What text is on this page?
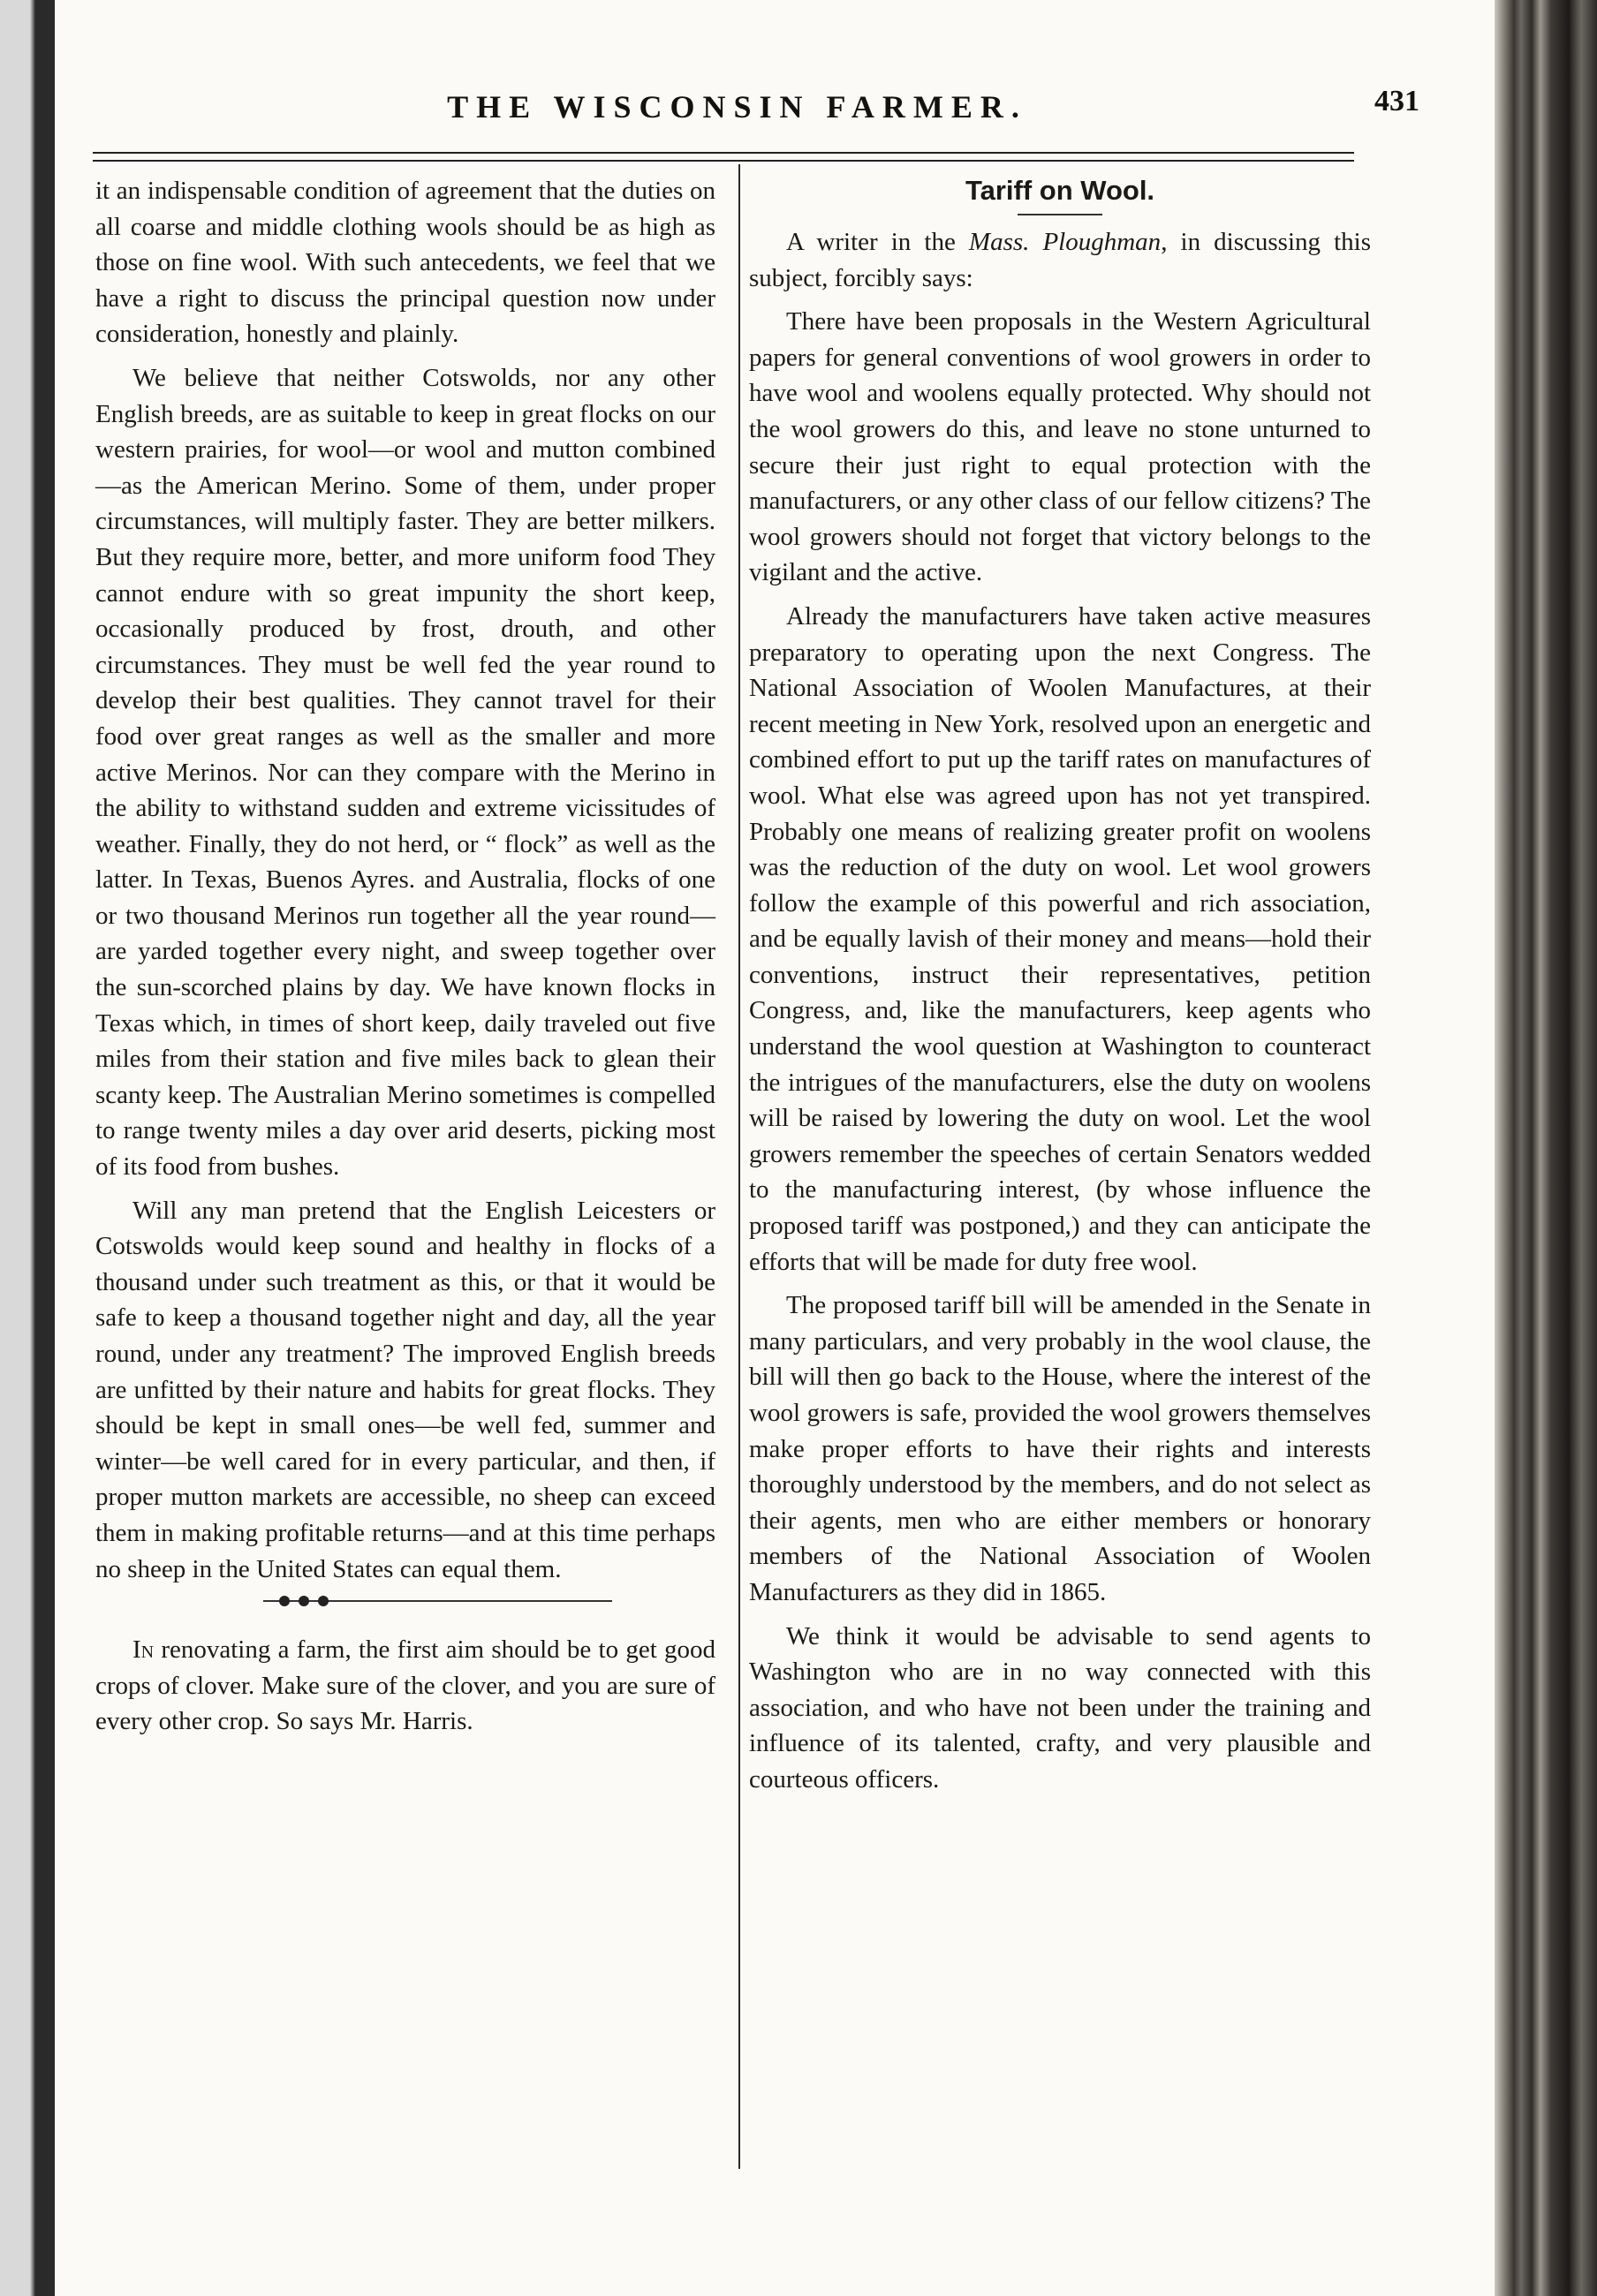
THE WISCONSIN FARMER.	431

it an indispensable condition of agreement that the duties on all coarse and middle clothing wools should be as high as those on fine wool. With such antecedents, we feel that we have a right to discuss the principal question now under consideration, honestly and plainly.

We believe that neither Cotswolds, nor any other English breeds, are as suitable to keep in great flocks on our western prairies, for wool—or wool and mutton combined—as the American Merino. Some of them, under proper circumstances, will multiply faster. They are better milkers. But they require more, better, and more uniform food They cannot endure with so great impunity the short keep, occasionally produced by frost, drouth, and other circumstances. They must be well fed the year round to develop their best qualities. They cannot travel for their food over great ranges as well as the smaller and more active Merinos. Nor can they compare with the Merino in the ability to withstand sudden and extreme vicissitudes of weather. Finally, they do not herd, or “ flock” as well as the latter. In Texas, Buenos Ayres. and Australia, flocks of one or two thousand Merinos run together all the year round—are yarded together every night, and sweep together over the sun-scorched plains by day. We have known flocks in Texas which, in times of short keep, daily traveled out five miles from their station and five miles back to glean their scanty keep. The Australian Merino sometimes is compelled to range twenty miles a day over arid deserts, picking most of its food from bushes.

Will any man pretend that the English Leicesters or Cotswolds would keep sound and healthy in flocks of a thousand under such treatment as this, or that it would be safe to keep a thousand together night and day, all the year round, under any treatment? The improved English breeds are unfitted by their nature and habits for great flocks. They should be kept in small ones—be well fed, summer and winter—be well cared for in every particular, and then, if proper mutton markets are accessible, no sheep can exceed them in making profitable returns—and at this time perhaps no sheep in the United States can equal them.

In renovating a farm, the first aim should be to get good crops of clover. Make sure of the clover, and you are sure of every other crop. So says Mr. Harris.

Tariff on Wool.

A writer in the Mass. Ploughman, in discussing this subject, forcibly says:

There have been proposals in the Western Agricultural papers for general conventions of wool growers in order to have wool and woolens equally protected. Why should not the wool growers do this, and leave no stone unturned to secure their just right to equal protection with the manufacturers, or any other class of our fellow citizens? The wool growers should not forget that victory belongs to the vigilant and the active.

Already the manufacturers have taken active measures preparatory to operating upon the next Congress. The National Association of Woolen Manufactures, at their recent meeting in New York, resolved upon an energetic and combined effort to put up the tariff rates on manufactures of wool. What else was agreed upon has not yet transpired. Probably one means of realizing greater profit on woolens was the reduction of the duty on wool. Let wool growers follow the example of this powerful and rich association, and be equally lavish of their money and means—hold their conventions, instruct their representatives, petition Congress, and, like the manufacturers, keep agents who understand the wool question at Washington to counteract the intrigues of the manufacturers, else the duty on woolens will be raised by lowering the duty on wool. Let the wool growers remember the speeches of certain Senators wedded to the manufacturing interest, (by whose influence the proposed tariff was postponed,) and they can anticipate the efforts that will be made for duty free wool.

The proposed tariff bill will be amended in the Senate in many particulars, and very probably in the wool clause, the bill will then go back to the House, where the interest of the wool growers is safe, provided the wool growers themselves make proper efforts to have their rights and interests thoroughly understood by the members, and do not select as their agents, men who are either members or honorary members of the National Association of Woolen Manufacturers as they did in 1865.

We think it would be advisable to send agents to Washington who are in no way connected with this association, and who have not been under the training and influence of its talented, crafty, and very plausible and courteous officers.
